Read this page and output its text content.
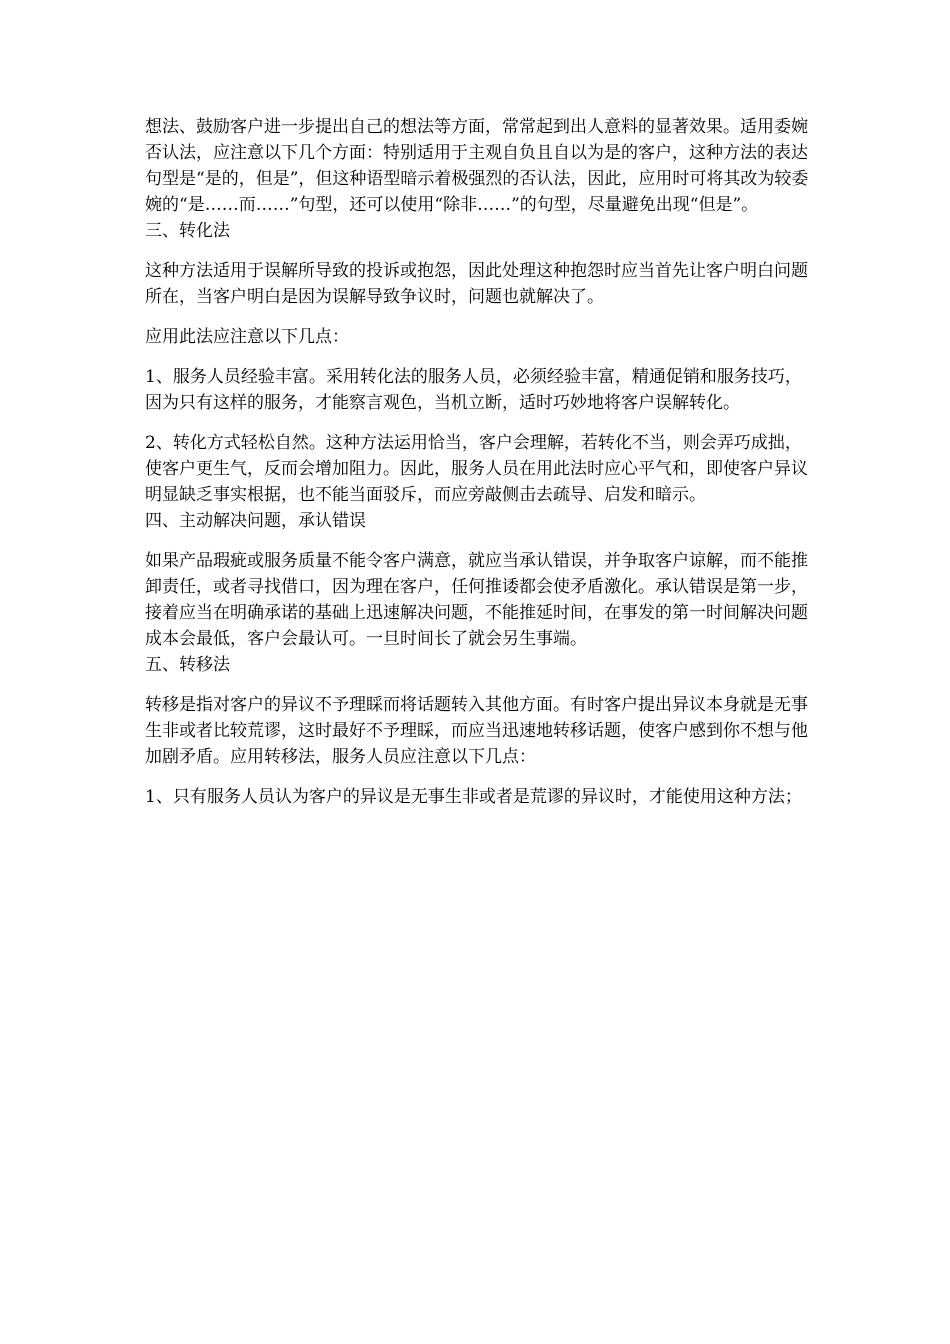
想法、鼓励客户进一步提出自己的想法等方面，常常起到出人意料的显著效果。适用委婉否认法，应注意以下几个方面：特别适用于主观自负且自以为是的客户，这种方法的表达句型是“是的，但是”，但这种语型暗示着极强烈的否认法，因此，应用时可将其改为较委婉的“是……而……”句型，还可以使用“除非……”的句型，尽量避免出现“但是”。

三、转化法

这种方法适用于误解所导致的投诉或抱怨，因此处理这种抱怨时应当首先让客户明白问题所在，当客户明白是因为误解导致争议时，问题也就解决了。

应用此法应注意以下几点：

1、服务人员经验丰富。采用转化法的服务人员，必须经验丰富，精通促销和服务技巧，因为只有这样的服务，才能察言观色，当机立断，适时巧妙地将客户误解转化。

2、转化方式轻松自然。这种方法运用恰当，客户会理解，若转化不当，则会弄巧成拙，使客户更生气，反而会增加阻力。因此，服务人员在用此法时应心平气和，即使客户异议明显缺乏事实根据，也不能当面驳斥，而应旁敲侧击去疏导、启发和暗示。

四、主动解决问题，承认错误

如果产品瑕疵或服务质量不能令客户满意，就应当承认错误，并争取客户谅解，而不能推卸责任，或者寻找借口，因为理在客户，任何推诿都会使矛盾激化。承认错误是第一步，接着应当在明确承诺的基础上迅速解决问题，不能推延时间，在事发的第一时间解决问题成本会最低，客户会最认可。一旦时间长了就会另生事端。

五、转移法

转移是指对客户的异议不予理睬而将话题转入其他方面。有时客户提出异议本身就是无事生非或者比较荒谬，这时最好不予理睬，而应当迅速地转移话题，使客户感到你不想与他加剧矛盾。应用转移法，服务人员应注意以下几点：

1、只有服务人员认为客户的异议是无事生非或者是荒谬的异议时，才能使用这种方法；
